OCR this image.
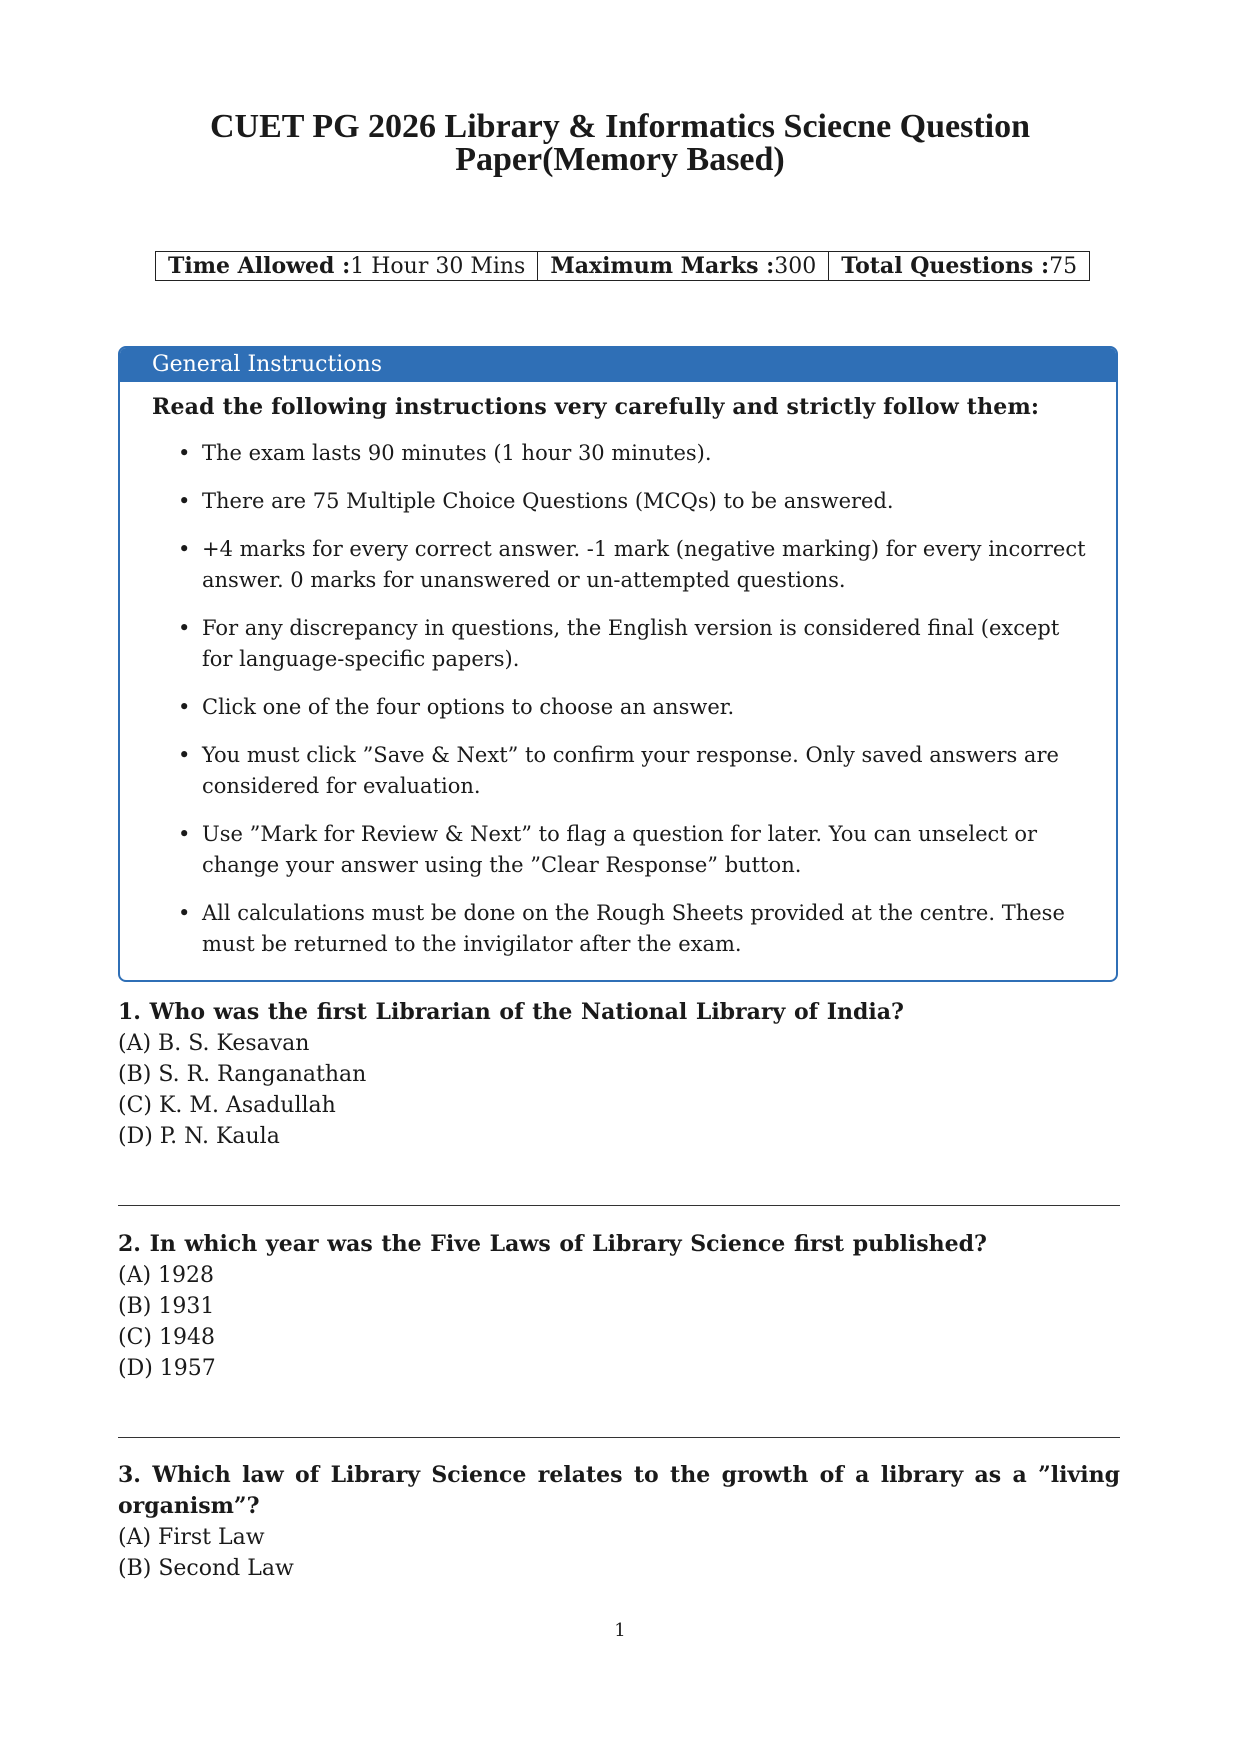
CUET PG 2026 Library & Informatics Sciecne Question
Paper(Memory Based)
Time Allowed :1 Hour 30 Mins	Maximum Marks :300	Total Questions :75
General Instructions
Read the following instructions very carefully and strictly follow them:
• The exam lasts 90 minutes (1 hour 30 minutes).
• There are 75 Multiple Choice Questions (MCQs) to be answered.
• +4 marks for every correct answer. -1 mark (negative marking) for every incorrect answer. 0 marks for unanswered or un-attempted questions.
• For any discrepancy in questions, the English version is considered final (except for language-specific papers).
• Click one of the four options to choose an answer.
• You must click ”Save & Next” to confirm your response. Only saved answers are considered for evaluation.
• Use ”Mark for Review & Next” to flag a question for later. You can unselect or change your answer using the ”Clear Response” button.
• All calculations must be done on the Rough Sheets provided at the centre. These must be returned to the invigilator after the exam.
1. Who was the first Librarian of the National Library of India?
(A) B. S. Kesavan
(B) S. R. Ranganathan
(C) K. M. Asadullah
(D) P. N. Kaula
2. In which year was the Five Laws of Library Science first published?
(A) 1928
(B) 1931
(C) 1948
(D) 1957
3. Which law of Library Science relates to the growth of a library as a ”living organism”?
(A) First Law
(B) Second Law
1
